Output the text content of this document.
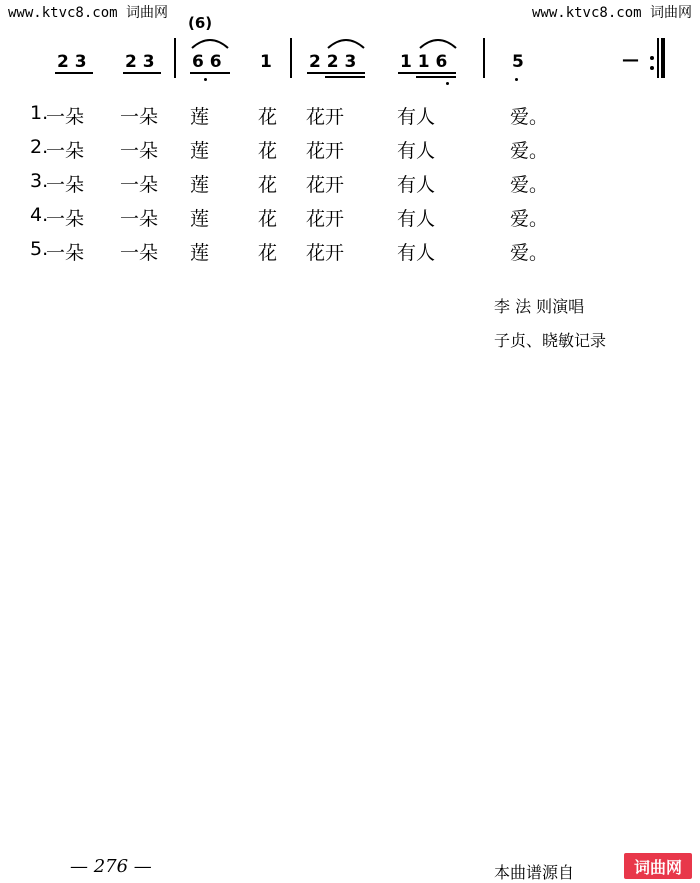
www.ktvc8.com 词曲网	www.ktvc8.com 词曲网
(6)
2 3 2 3 6 6 1 2 2 3	1 1 6	5	—
1.
一朵 一朵 莲	花 花开	有人	爱。
2.
一朵 一朵 莲	花 花开	有人	爱。
3.
一朵 一朵 莲	花 花开	有人	爱。
4.
一朵 一朵 莲	花 花开	有人	爱。
5.
一朵 一朵 莲	花 花开	有人	爱。
李 法 则演唱
子贞、晓敏记录
— 276 —	本曲谱源自	词曲网
